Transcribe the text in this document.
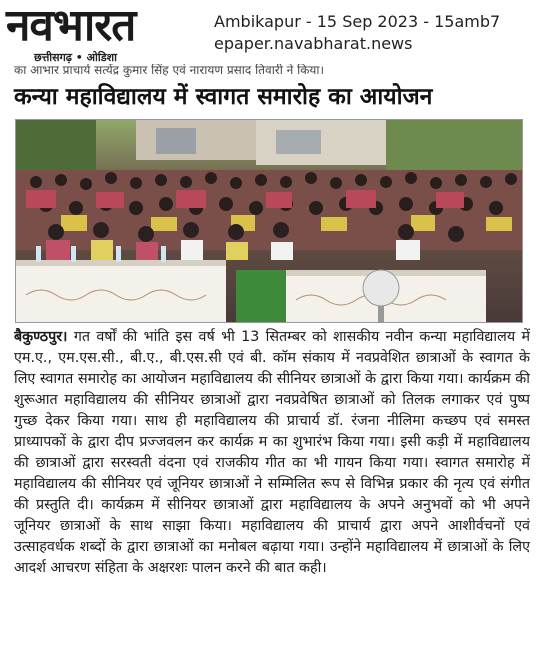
नवभारत
छत्तीसगढ़ • ओडिशा
Ambikapur - 15 Sep 2023 - 15amb7
epaper.navabharat.news
का आभार प्राचार्य सत्येंद्र कुमार सिंह एवं नारायण प्रसाद तिवारी ने किया।
कन्या महाविद्यालय में स्वागत समारोह का आयोजन
बैकुण्ठपुर। गत वर्षों की भांति इस वर्ष भी 13 सितम्बर को शासकीय नवीन कन्या महाविद्यालय में एम.ए., एम.एस.सी., बी.ए., बी.एस.सी एवं बी. कॉम संकाय में नवप्रवेशित छात्राओं के स्वागत के लिए स्वागत समारोह का आयोजन महाविद्यालय की सीनियर छात्राओं के द्वारा किया गया। कार्यक्रम की शुरूआत महाविद्यालय की सीनियर छात्राओं द्वारा नवप्रवेषित छात्राओं को तिलक लगाकर एवं पुष्प गुच्छ देकर किया गया। साथ ही महाविद्यालय की प्राचार्य डॉ. रंजना नीलिमा कच्छप एवं समस्त प्राध्यापकों के द्वारा दीप प्रज्जवलन कर कार्यक्र म का शुभारंभ किया गया। इसी कड़ी में महाविद्यालय की छात्राओं द्वारा सरस्वती वंदना एवं राजकीय गीत का भी गायन किया गया। स्वागत समारोह में महाविद्यालय की सीनियर एवं जूनियर छात्राओं ने सम्मिलित रूप से विभिन्न प्रकार की नृत्य एवं संगीत की प्रस्तुति दी। कार्यक्रम में सीनियर छात्राओं द्वारा महाविद्यालय के अपने अनुभवों को भी अपने जूनियर छात्राओं के साथ साझा किया। महाविद्यालय की प्राचार्य द्वारा अपने आशीर्वचनों एवं उत्साहवर्धक शब्दों के द्वारा छात्राओं का मनोबल बढ़ाया गया। उन्होंने महाविद्यालय में छात्राओं के लिए आदर्श आचरण संहिता के अक्षरशः पालन करने की बात कही।
